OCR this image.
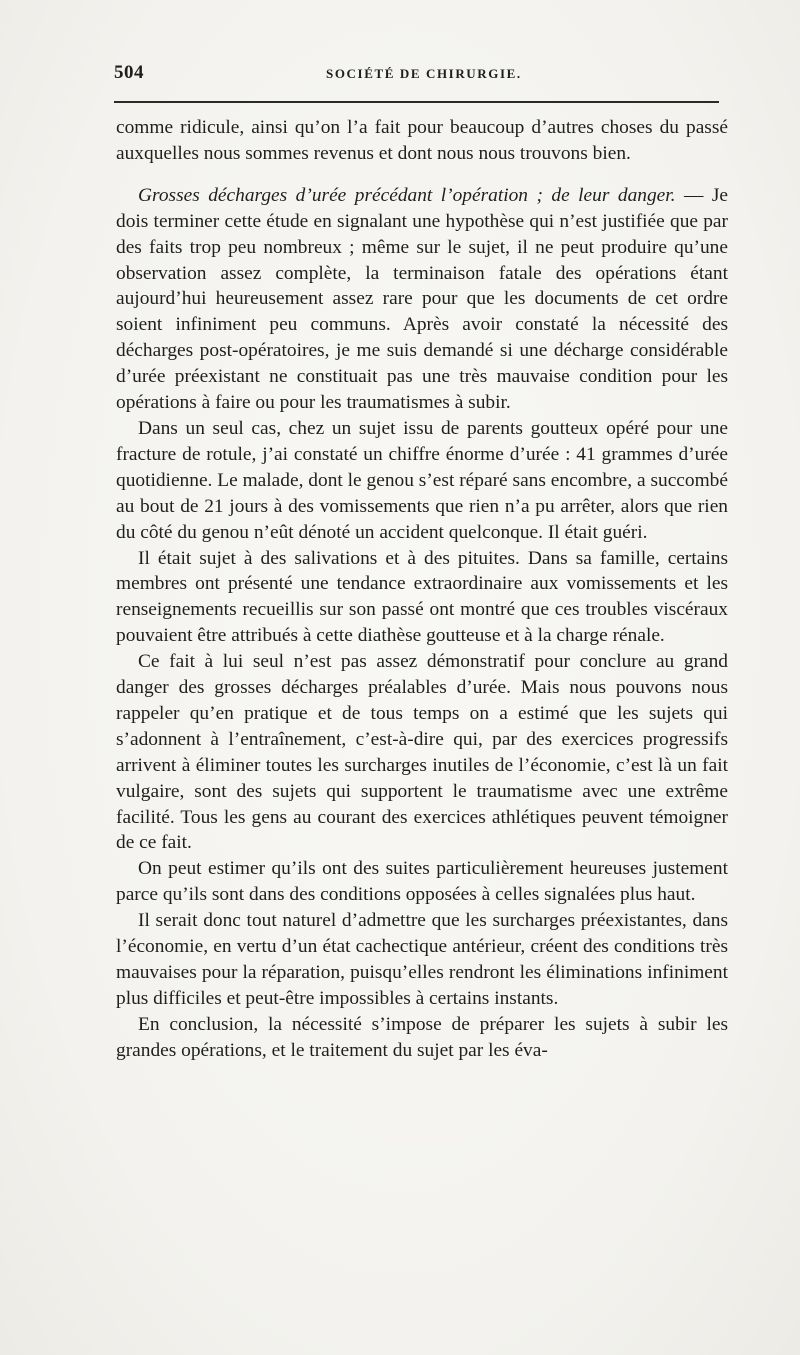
504	SOCIÉTÉ DE CHIRURGIE.

comme ridicule, ainsi qu’on l’a fait pour beaucoup d’autres choses du passé auxquelles nous sommes revenus et dont nous nous trouvons bien.

Grosses décharges d’urée précédant l’opération ; de leur danger. — Je dois terminer cette étude en signalant une hypothèse qui n’est justifiée que par des faits trop peu nombreux ; même sur le sujet, il ne peut produire qu’une observation assez complète, la terminaison fatale des opérations étant aujourd’hui heureusement assez rare pour que les documents de cet ordre soient infiniment peu communs. Après avoir constaté la nécessité des décharges post-opératoires, je me suis demandé si une décharge considérable d’urée préexistant ne constituait pas une très mauvaise condition pour les opérations à faire ou pour les traumatismes à subir.

Dans un seul cas, chez un sujet issu de parents goutteux opéré pour une fracture de rotule, j’ai constaté un chiffre énorme d’urée : 41 grammes d’urée quotidienne. Le malade, dont le genou s’est réparé sans encombre, a succombé au bout de 21 jours à des vomissements que rien n’a pu arrêter, alors que rien du côté du genou n’eût dénoté un accident quelconque. Il était guéri.

Il était sujet à des salivations et à des pituites. Dans sa famille, certains membres ont présenté une tendance extraordinaire aux vomissements et les renseignements recueillis sur son passé ont montré que ces troubles viscéraux pouvaient être attribués à cette diathèse goutteuse et à la charge rénale.

Ce fait à lui seul n’est pas assez démonstratif pour conclure au grand danger des grosses décharges préalables d’urée. Mais nous pouvons nous rappeler qu’en pratique et de tous temps on a estimé que les sujets qui s’adonnent à l’entraînement, c’est-à-dire qui, par des exercices progressifs arrivent à éliminer toutes les surcharges inutiles de l’économie, c’est là un fait vulgaire, sont des sujets qui supportent le traumatisme avec une extrême facilité. Tous les gens au courant des exercices athlétiques peuvent témoigner de ce fait.

On peut estimer qu’ils ont des suites particulièrement heureuses justement parce qu’ils sont dans des conditions opposées à celles signalées plus haut.

Il serait donc tout naturel d’admettre que les surcharges préexistantes, dans l’économie, en vertu d’un état cachectique antérieur, créent des conditions très mauvaises pour la réparation, puisqu’elles rendront les éliminations infiniment plus difficiles et peut-être impossibles à certains instants.

En conclusion, la nécessité s’impose de préparer les sujets à subir les grandes opérations, et le traitement du sujet par les éva-
